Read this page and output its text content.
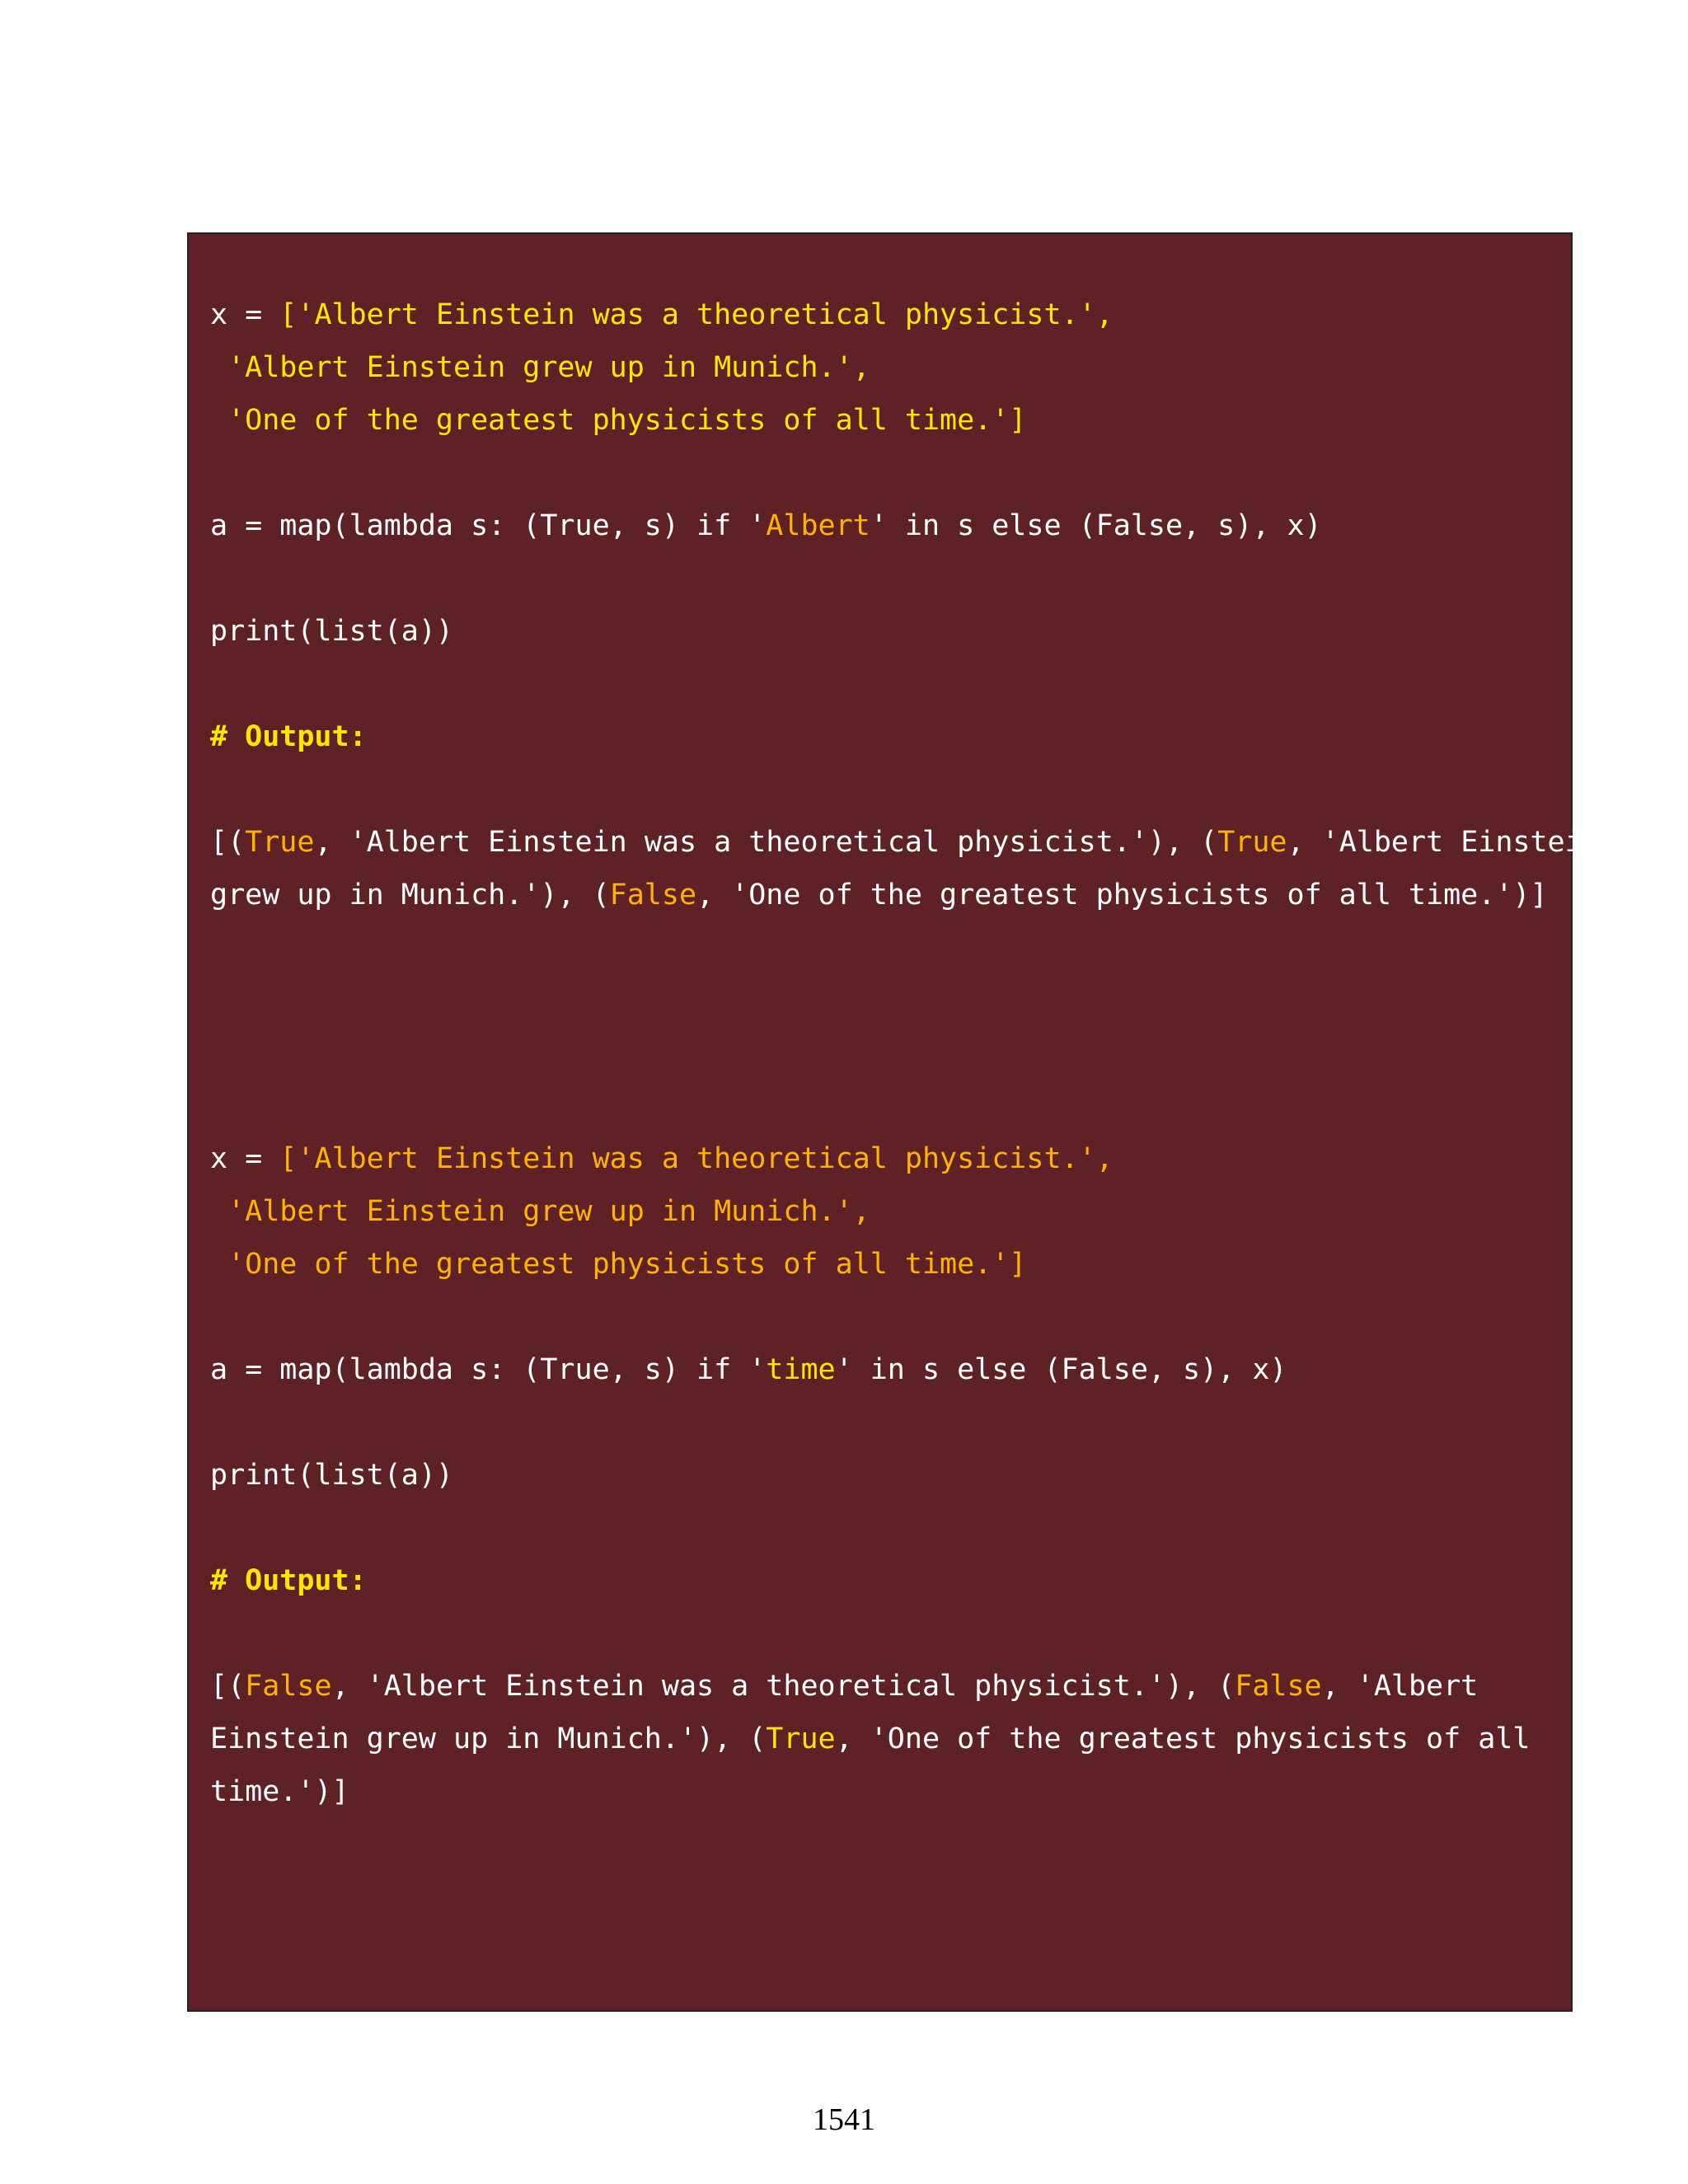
x = ['Albert Einstein was a theoretical physicist.',
'Albert Einstein grew up in Munich.',
'One of the greatest physicists of all time.']
a = map(lambda s: (True, s) if 'Albert' in s else (False, s), x)
print(list(a))
# Output:
[(True, 'Albert Einstein was a theoretical physicist.'), (True, 'Albert Einstein
grew up in Munich.'), (False, 'One of the greatest physicists of all time.')]
x = ['Albert Einstein was a theoretical physicist.',
'Albert Einstein grew up in Munich.',
'One of the greatest physicists of all time.']
a = map(lambda s: (True, s) if 'time' in s else (False, s), x)
print(list(a))
# Output:
[(False, 'Albert Einstein was a theoretical physicist.'), (False, 'Albert
Einstein grew up in Munich.'), (True, 'One of the greatest physicists of all
time.')]
1541
